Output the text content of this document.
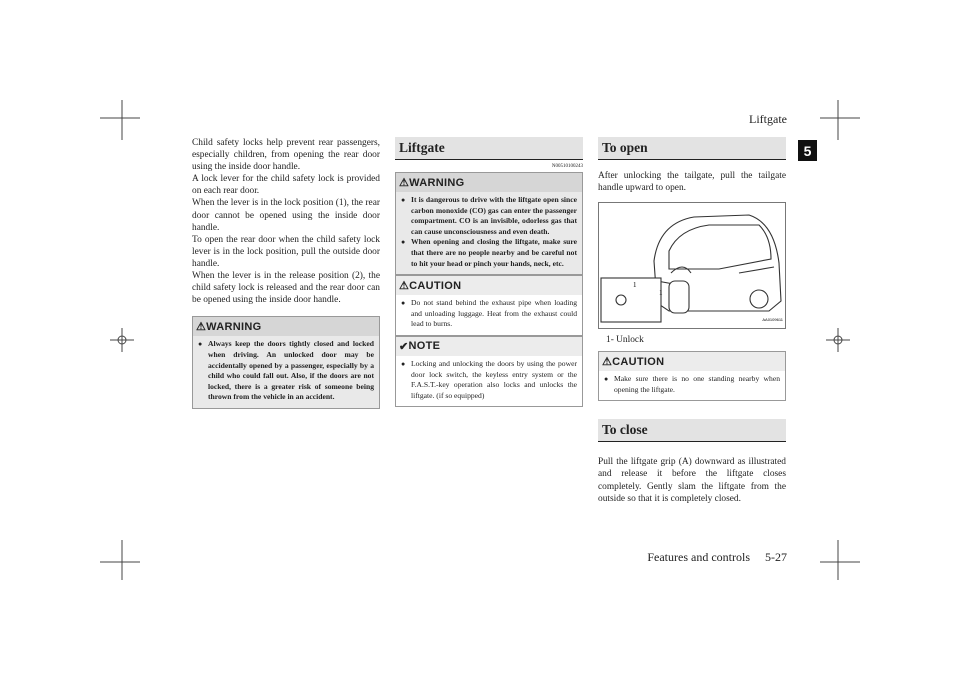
Liftgate
5
Features and controls 5-27

Child safety locks help prevent rear passengers, especially children, from opening the rear door using the inside door handle.

A lock lever for the child safety lock is provided on each rear door.

When the lever is in the lock position (1), the rear door cannot be opened using the inside door handle.

To open the rear door when the child safety lock lever is in the lock position, pull the outside door handle.

When the lever is in the release position (2), the child safety lock is released and the rear door can be opened using the inside door handle.

⚠ WARNING
● Always keep the doors tightly closed and locked when driving. An unlocked door may be accidentally opened by a passenger, especially by a child who could fall out. Also, if the doors are not locked, there is a greater risk of someone being thrown from the vehicle in an accident.
Liftgate
N00510100243
⚠ WARNING
● It is dangerous to drive with the liftgate open since carbon monoxide (CO) gas can enter the passenger compartment. CO is an invisible, odorless gas that can cause unconsciousness and even death.
● When opening and closing the liftgate, make sure that there are no people nearby and be careful not to hit your head or pinch your hands, neck, etc.
⚠ CAUTION
● Do not stand behind the exhaust pipe when loading and unloading luggage. Heat from the exhaust could lead to burns.
✔ NOTE
● Locking and unlocking the doors by using the power door lock switch, the keyless entry system or the F.A.S.T.-key operation also locks and unlocks the liftgate. (if so equipped)
To open

After unlocking the tailgate, pull the tailgate handle upward to open.

1
1
AA0109611
1- Unlock
⚠ CAUTION
● Make sure there is no one standing nearby when opening the liftgate.
To close

Pull the liftgate grip (A) downward as illustrated and release it before the liftgate closes completely. Gently slam the liftgate from the outside so that it is completely closed.
